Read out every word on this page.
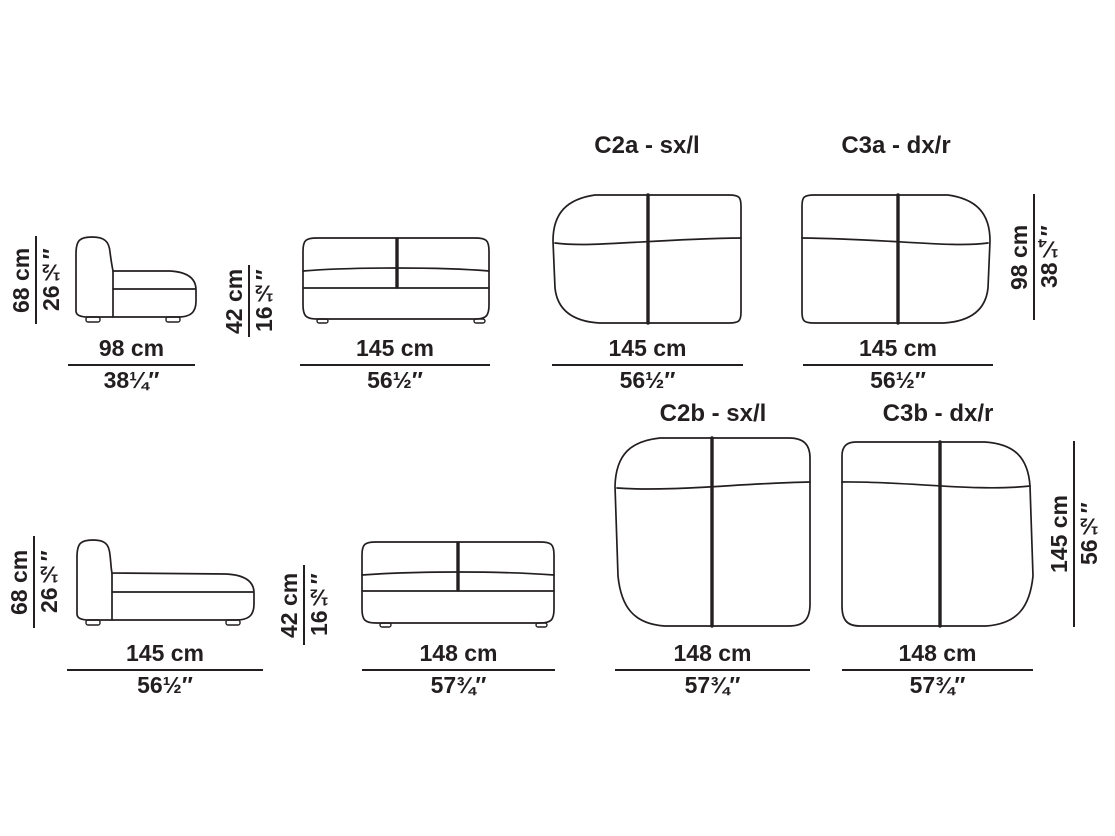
68 cm 26½″
98 cm
38¼″
42 cm 16½″
145 cm
56½″
C2a - sx/l
145 cm
56½″
C3a - dx/r
98 cm 38¼″
145 cm
56½″
68 cm 26½″
145 cm
56½″
42 cm 16½″
148 cm
57¾″
C2b - sx/l
148 cm
57¾″
C3b - dx/r
145 cm 56½″
148 cm
57¾″
